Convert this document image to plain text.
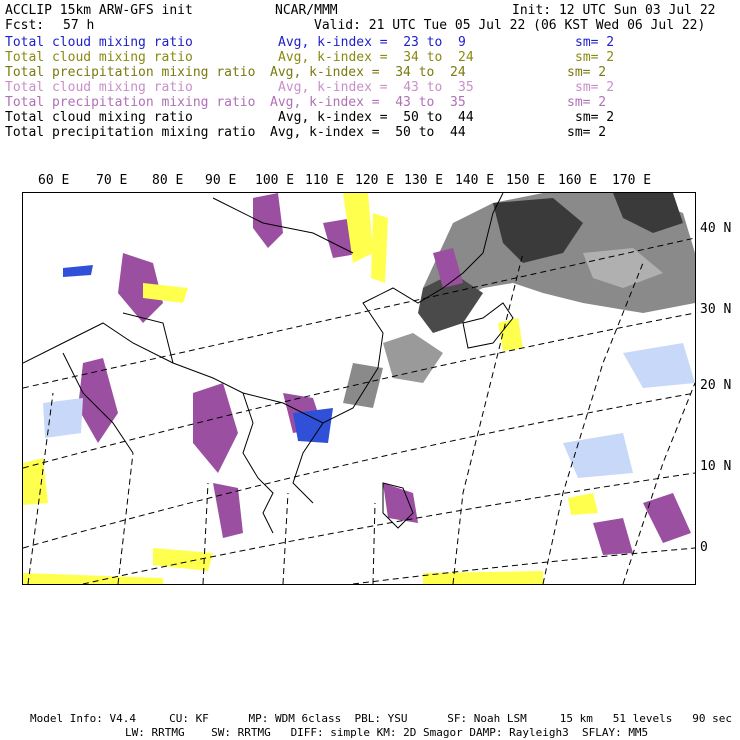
ACCLIP 15km ARW-GFS init	NCAR/MMM	Init: 12 UTC Sun 03 Jul 22
Fcst: 57 h	Valid: 21 UTC Tue 05 Jul 22 (06 KST Wed 06 Jul 22)
Total cloud mixing ratio	Avg, k-index =  23 to  9	sm= 2
Total cloud mixing ratio	Avg, k-index =  34 to  24	sm= 2
Total precipitation mixing ratio Avg, k-index =  34 to  24	sm= 2
Total cloud mixing ratio	Avg, k-index =  43 to  35	sm= 2
Total precipitation mixing ratio Avg, k-index =  43 to  35	sm= 2
Total cloud mixing ratio	Avg, k-index =  50 to  44	sm= 2
Total precipitation mixing ratio Avg, k-index =  50 to  44	sm= 2
60 E 70 E 80 E 90 E 100 E 110 E 120 E 130 E 140 E 150 E 160 E 170 E
40 N
30 N
20 N
10 N
0
Model Info: V4.4     CU: KF      MP: WDM 6class  PBL: YSU      SF: Noah LSM     15 km   51 levels   90 sec
LW: RRTMG    SW: RRTMG   DIFF: simple KM: 2D Smagor DAMP: Rayleigh3  SFLAY: MM5
